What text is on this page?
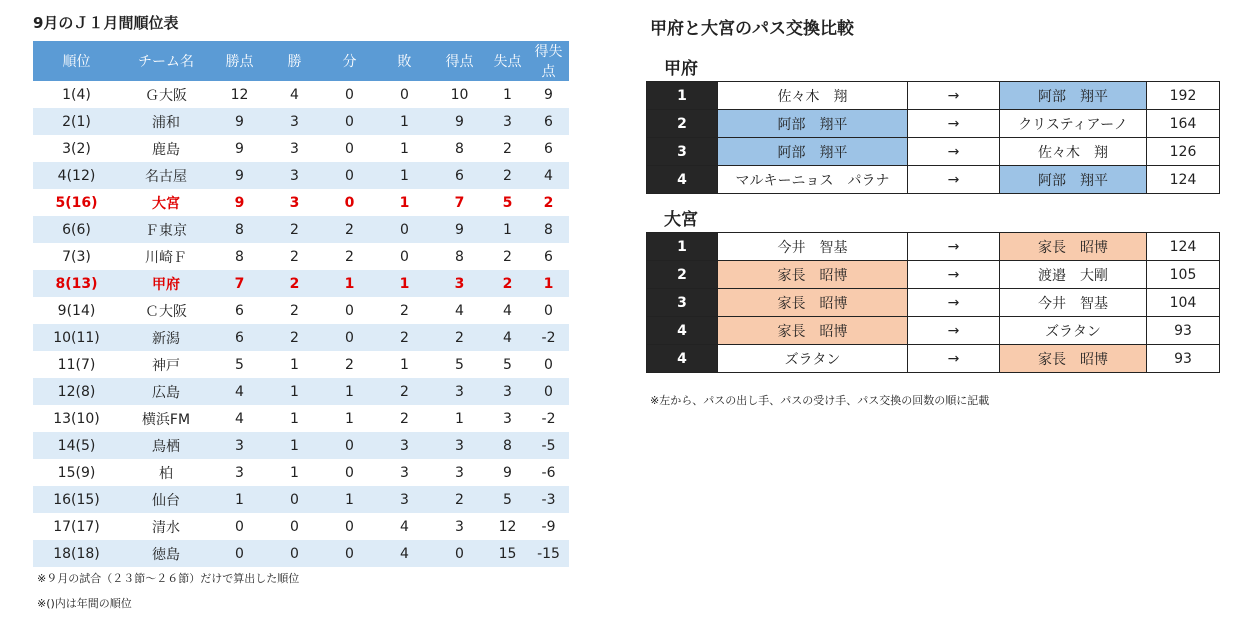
9月のＪ１月間順位表
順位	チーム名	勝点	勝	分	敗	得点	失点	得失点
1(4)	Ｇ大阪	12	4	0	0	10	1	9
2(1)	浦和	9	3	0	1	9	3	6
3(2)	鹿島	9	3	0	1	8	2	6
4(12)	名古屋	9	3	0	1	6	2	4
5(16)	大宮	9	3	0	1	7	5	2
6(6)	Ｆ東京	8	2	2	0	9	1	8
7(3)	川崎Ｆ	8	2	2	0	8	2	6
8(13)	甲府	7	2	1	1	3	2	1
9(14)	Ｃ大阪	6	2	0	2	4	4	0
10(11)	新潟	6	2	0	2	2	4	-2
11(7)	神戸	5	1	2	1	5	5	0
12(8)	広島	4	1	1	2	3	3	0
13(10)	横浜FM	4	1	1	2	1	3	-2
14(5)	鳥栖	3	1	0	3	3	8	-5
15(9)	柏	3	1	0	3	3	9	-6
16(15)	仙台	1	0	1	3	2	5	-3
17(17)	清水	0	0	0	4	3	12	-9
18(18)	徳島	0	0	0	4	0	15	-15
※９月の試合（２３節～２６節）だけで算出した順位
※()内は年間の順位
甲府と大宮のパス交換比較
甲府
1	佐々木　翔	→	阿部　翔平	192
2	阿部　翔平	→	クリスティアーノ	164
3	阿部　翔平	→	佐々木　翔	126
4	マルキーニョス　パラナ	→	阿部　翔平	124
大宮
1	今井　智基	→	家長　昭博	124
2	家長　昭博	→	渡邉　大剛	105
3	家長　昭博	→	今井　智基	104
4	家長　昭博	→	ズラタン	93
4	ズラタン	→	家長　昭博	93
※左から、パスの出し手、パスの受け手、パス交換の回数の順に記載
